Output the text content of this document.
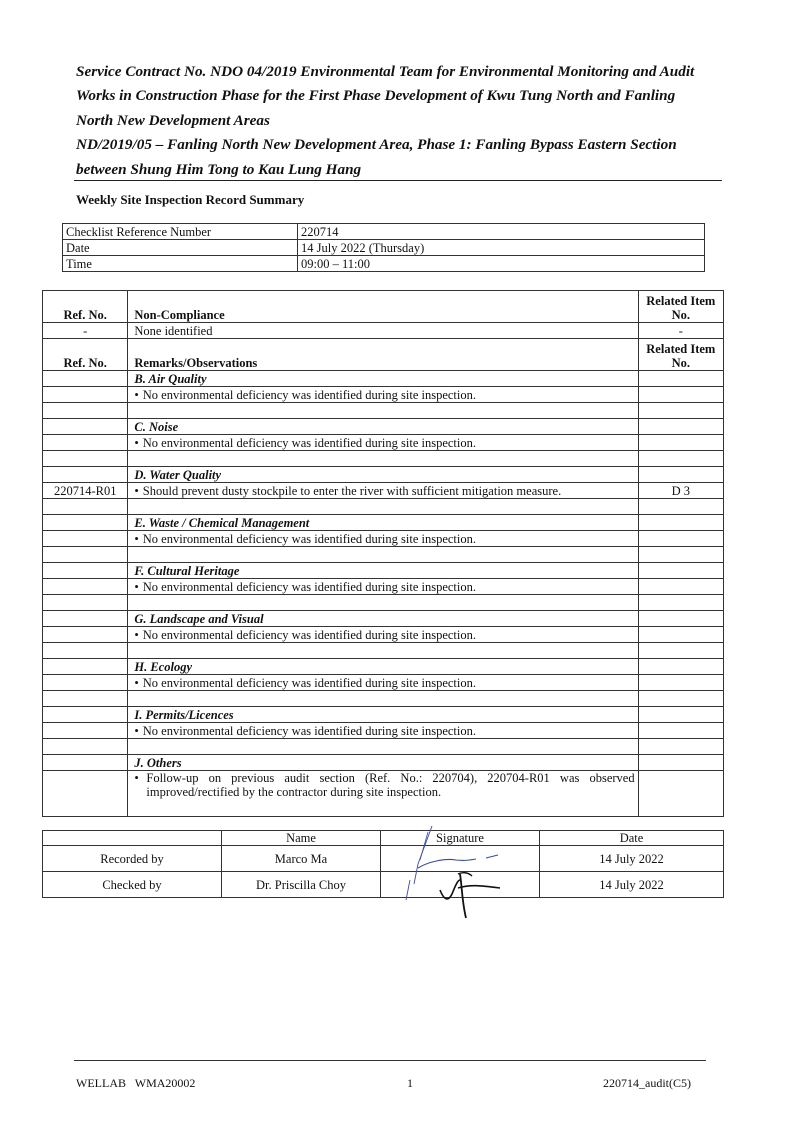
Service Contract No. NDO 04/2019 Environmental Team for Environmental Monitoring and Audit Works in Construction Phase for the First Phase Development of Kwu Tung North and Fanling North New Development Areas
ND/2019/05 – Fanling North New Development Area, Phase 1: Fanling Bypass Eastern Section between Shung Him Tong to Kau Lung Hang
Weekly Site Inspection Record Summary
Checklist Reference Number	220714
Date	14 July 2022 (Thursday)
Time	09:00 – 11:00
Ref. No.	Non-Compliance	Related Item No.
-	None identified	-
Ref. No.	Remarks/Observations	Related Item No.
	B. Air Quality	
	• No environmental deficiency was identified during site inspection.	

	C. Noise	
	• No environmental deficiency was identified during site inspection.	

	D. Water Quality	
220714-R01	• Should prevent dusty stockpile to enter the river with sufficient mitigation measure.	D 3

	E. Waste / Chemical Management	
	• No environmental deficiency was identified during site inspection.	

	F. Cultural Heritage	
	• No environmental deficiency was identified during site inspection.	

	G. Landscape and Visual	
	• No environmental deficiency was identified during site inspection.	

	H. Ecology	
	• No environmental deficiency was identified during site inspection.	

	I. Permits/Licences	
	• No environmental deficiency was identified during site inspection.	

	J. Others	

	• Follow-up on previous audit section (Ref. No.: 220704), 220704-R01 was observed improved/rectified by the contractor during site inspection.	

	Name	Signature	Date
Recorded by	Marco Ma		14 July 2022
Checked by	Dr. Priscilla Choy		14 July 2022
WELLAB   WMA20002	1	220714_audit(C5)
